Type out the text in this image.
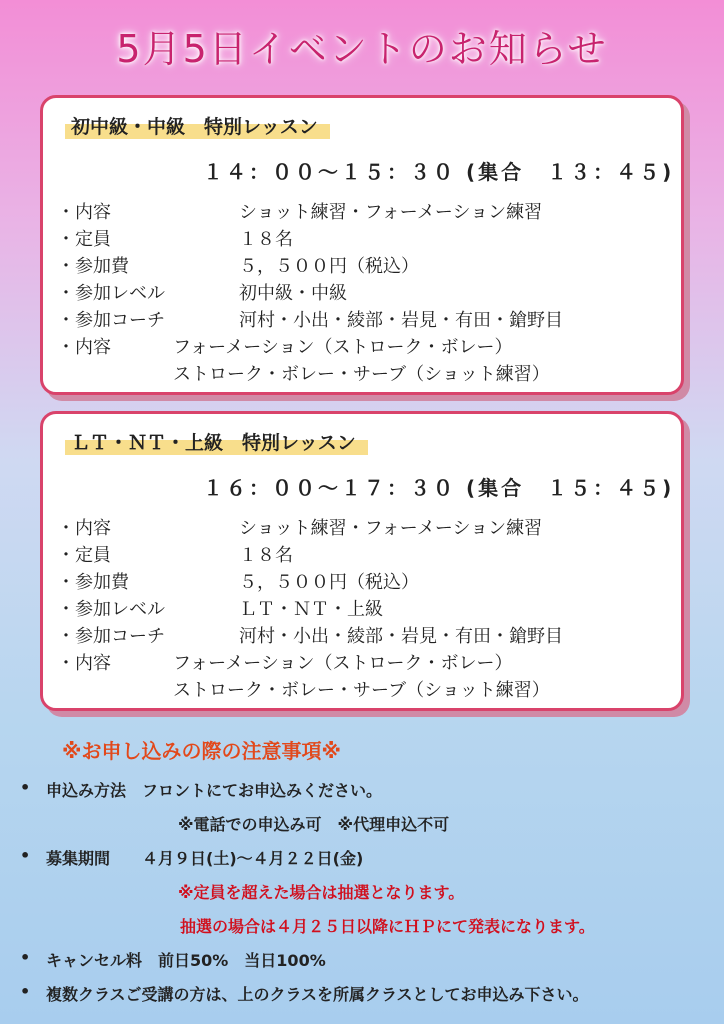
5月5日イベントのお知らせ
初中級・中級　特別レッスン
１４：００～１５：３０ (集合　１３：４５)
・内容	ショット練習・フォーメーション練習
・定員	１８名
・参加費	５，５００円（税込）
・参加レベル	初中級・中級
・参加コーチ	河村・小出・綾部・岩見・有田・鎗野目
・内容	フォーメーション（ストローク・ボレー）
ストローク・ボレー・サーブ（ショット練習）
ＬＴ・ＮＴ・上級　特別レッスン
１６：００～１７：３０ (集合　１５：４５)
・内容	ショット練習・フォーメーション練習
・定員	１８名
・参加費	５，５００円（税込）
・参加レベル	ＬＴ・ＮＴ・上級
・参加コーチ	河村・小出・綾部・岩見・有田・鎗野目
・内容	フォーメーション（ストローク・ボレー）
ストローク・ボレー・サーブ（ショット練習）
※お申し込みの際の注意事項※
• 申込み方法　フロントにてお申込みください。
※電話での申込み可　※代理申込不可
• 募集期間　　４月９日(土)～４月２２日(金)
※定員を超えた場合は抽選となります。
抽選の場合は４月２５日以降にＨＰにて発表になります。
• キャンセル料　前日50%　当日100%
• 複数クラスご受講の方は、上のクラスを所属クラスとしてお申込み下さい。
